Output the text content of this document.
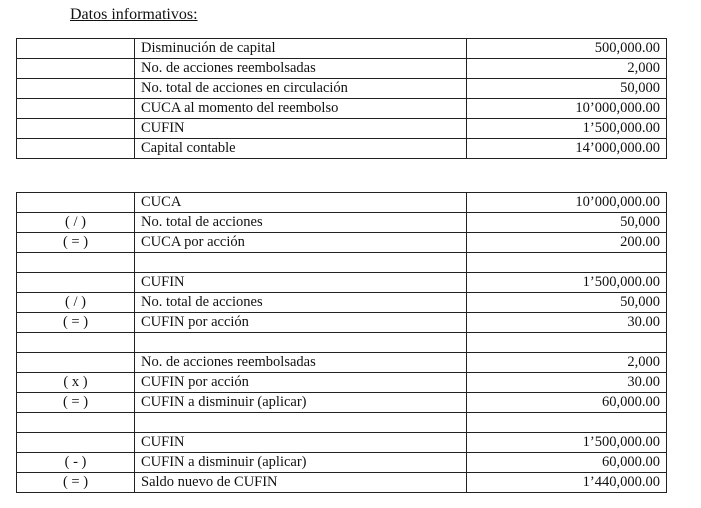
Datos informativos:
	Disminución de capital	500,000.00
	No. de acciones reembolsadas	2,000
	No. total de acciones en circulación	50,000
	CUCA al momento del reembolso	10’000,000.00
	CUFIN	1’500,000.00
	Capital contable	14’000,000.00
	CUCA	10’000,000.00
( / )	No. total de acciones	50,000
( = )	CUCA por acción	200.00

	CUFIN	1’500,000.00
( / )	No. total de acciones	50,000
( = )	CUFIN por acción	30.00

	No. de acciones reembolsadas	2,000
( x )	CUFIN por acción	30.00
( = )	CUFIN a disminuir (aplicar)	60,000.00

	CUFIN	1’500,000.00
( - )	CUFIN a disminuir (aplicar)	60,000.00
( = )	Saldo nuevo de CUFIN	1’440,000.00
